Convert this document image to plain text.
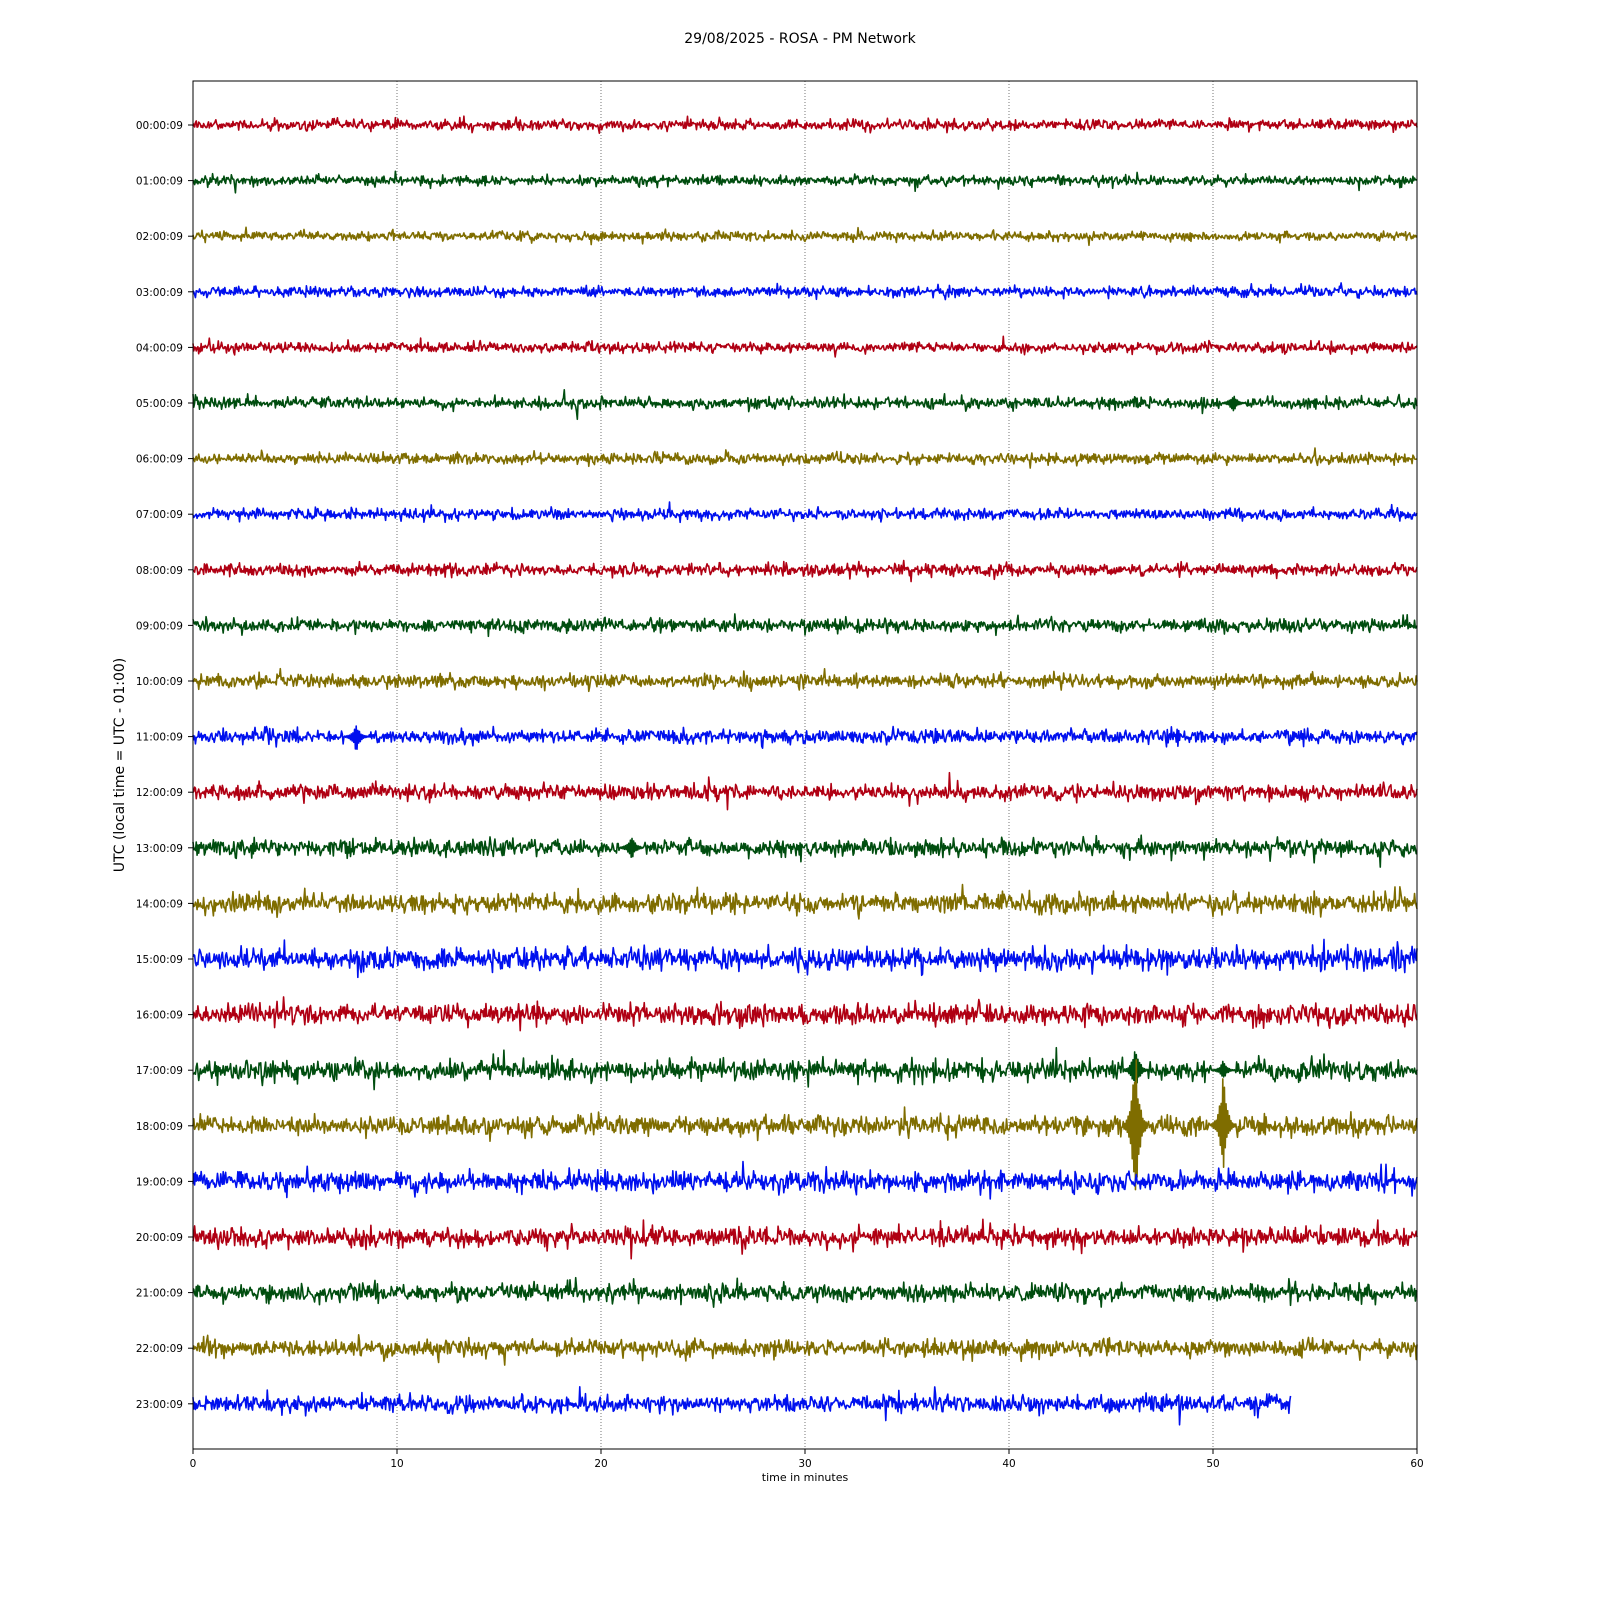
29/08/2025 - ROSA - PM Network
00:00:09
01:00:09
02:00:09
03:00:09
04:00:09
05:00:09
06:00:09
07:00:09
08:00:09
09:00:09
10:00:09
11:00:09
12:00:09
13:00:09
14:00:09
15:00:09
16:00:09
17:00:09
18:00:09
19:00:09
20:00:09
21:00:09
22:00:09
23:00:09
0	10	20	30	40	50	60
time in minutes
UTC (local time = UTC - 01:00)
